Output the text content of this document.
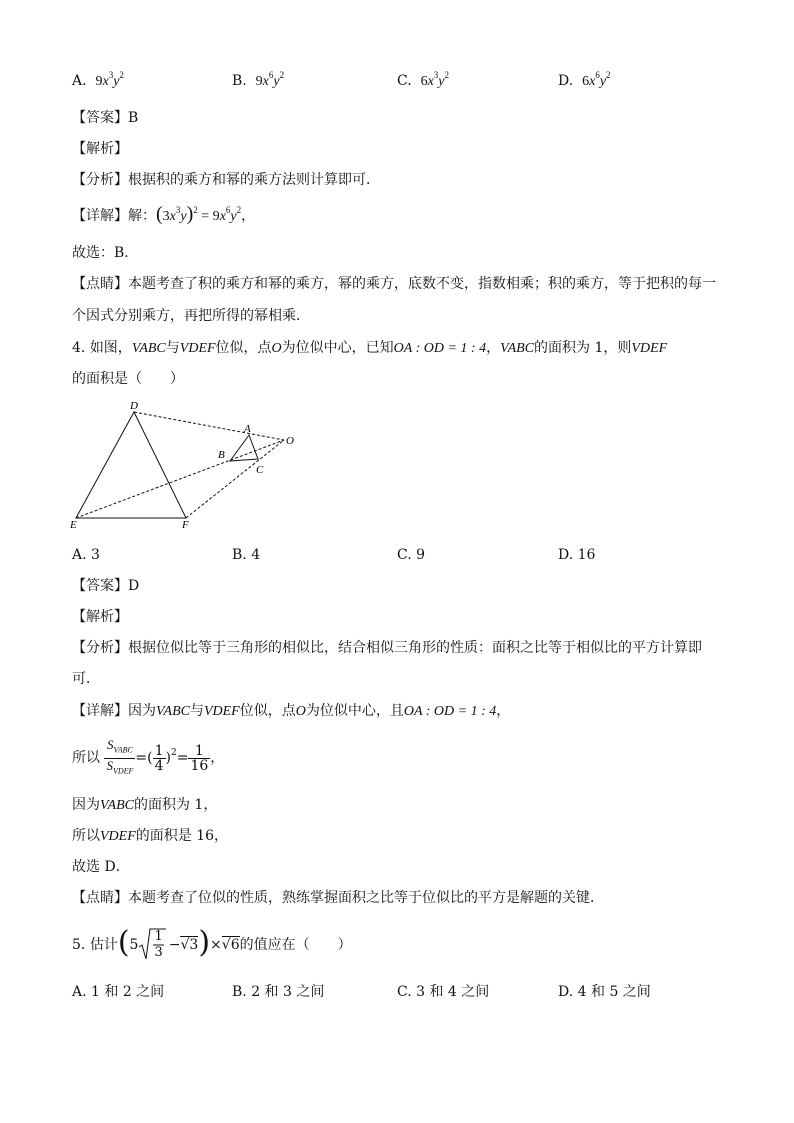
A. $9x^3y^2$	B. $9x^6y^2$	C. $6x^3y^2$	D. $6x^6y^2$
【答案】B
【解析】
【分析】根据积的乘方和幂的乘方法则计算即可．
【详解】解：$(3x^3y)^2 = 9x^6y^2$，
故选：B．
【点睛】本题考查了积的乘方和幂的乘方，幂的乘方，底数不变，指数相乘；积的乘方，等于把积的每一
个因式分别乘方，再把所得的幂相乘．
4. 如图，VABC与VDEF位似，点O为位似中心，已知OA : OD = 1 : 4，VABC的面积为 1，则VDEF
的面积是（　　）
D
A
O
B
C
E	F
A. 3	B. 4	C. 9	D. 16
【答案】D
【解析】
【分析】根据位似比等于三角形的相似比，结合相似三角形的性质：面积之比等于相似比的平方计算即
可．
【详解】因为VABC与VDEF位似，点O为位似中心，且OA : OD = 1 : 4，
所以 $\frac{S_{VABC}}{S_{VDEF}}$ =( $\frac{1}{4} )^2= \frac{1}{16}$ ，
因为VABC的面积为 1，
所以VDEF的面积是 16，
故选 D．
【点睛】本题考查了位似的性质，熟练掌握面积之比等于位似比的平方是解题的关键．
5. 估计(5
1
3 −√3)×√6的值应在（　　）
A. 1 和 2 之间	B. 2 和 3 之间	C. 3 和 4 之间	D. 4 和 5 之间
